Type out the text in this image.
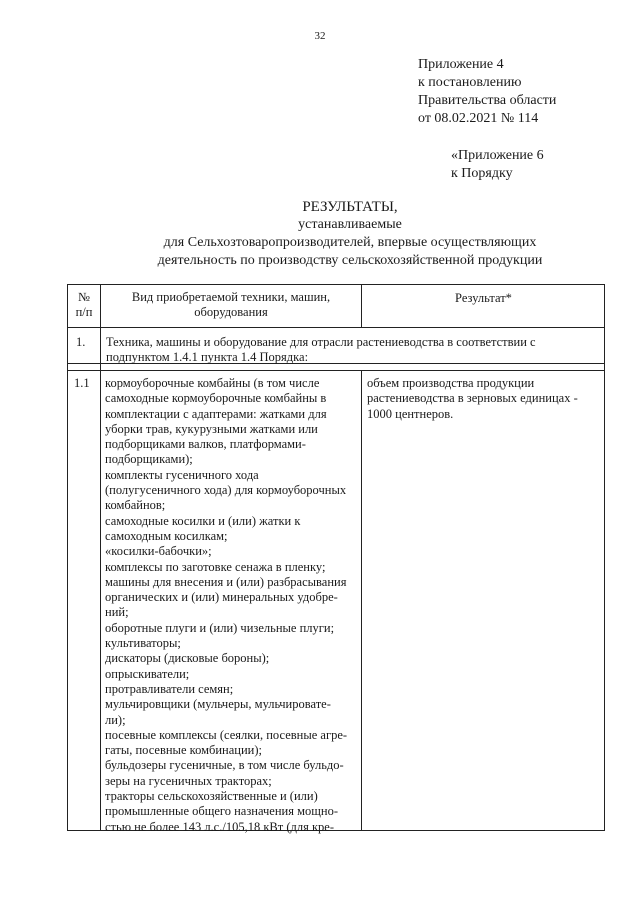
32
Приложение 4
к постановлению
Правительства области
от 08.02.2021 № 114
«Приложение 6
к Порядку
РЕЗУЛЬТАТЫ,
устанавливаемые
для Сельхозтоваропроизводителей, впервые осуществляющих
деятельность по производству сельскохозяйственной продукции
№
п/п
Вид приобретаемой техники, машин,
оборудования
Результат*
1. Техника, машины и оборудование для отрасли растениеводства в соответствии с
подпунктом 1.4.1 пункта 1.4 Порядка:
1.1 кормоуборочные комбайны (в том числе
самоходные кормоуборочные комбайны в
комплектации с адаптерами: жатками для
уборки трав, кукурузными жатками или
подборщиками валков, платформами-
подборщиками);
комплекты гусеничного хода
(полугусеничного хода) для кормоуборочных
комбайнов;
самоходные косилки и (или) жатки к
самоходным косилкам;
«косилки-бабочки»;
комплексы по заготовке сенажа в пленку;
машины для внесения и (или) разбрасывания
органических и (или) минеральных удобре-
ний;
оборотные плуги и (или) чизельные плуги;
культиваторы;
дискаторы (дисковые бороны);
опрыскиватели;
протравливатели семян;
мульчировщики (мульчеры, мульчировате-
ли);
посевные комплексы (сеялки, посевные агре-
гаты, посевные комбинации);
бульдозеры гусеничные, в том числе бульдо-
зеры на гусеничных тракторах;
тракторы сельскохозяйственные и (или)
промышленные общего назначения мощно-
стью не более 143 л.с./105,18 кВт (для кре-
объем производства продукции
растениеводства в зерновых единицах -
1000 центнеров.
